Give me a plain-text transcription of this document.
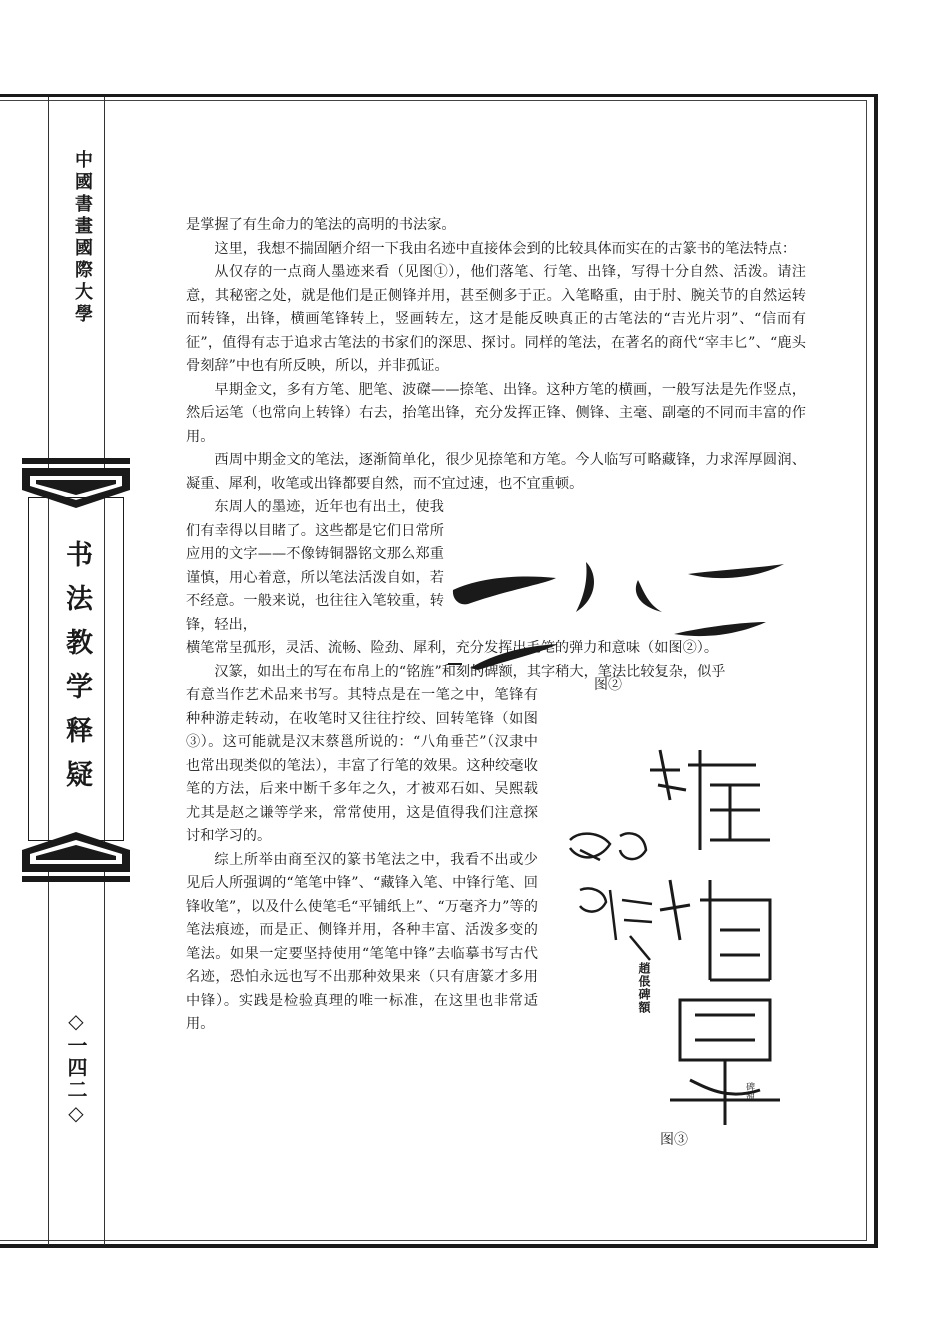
中國書畫國際大學
书法教学释疑
◇一四二◇

是掌握了有生命力的笔法的高明的书法家。

这里，我想不揣固陋介绍一下我由名迹中直接体会到的比较具体而实在的古篆书的笔法特点：

从仅存的一点商人墨迹来看（见图①），他们落笔、行笔、出锋，写得十分自然、活泼。请注意，其秘密之处，就是他们是正侧锋并用，甚至侧多于正。入笔略重，由于肘、腕关节的自然运转而转锋，出锋，横画笔锋转上，竖画转左，这才是能反映真正的古笔法的“吉光片羽”、“信而有征”，值得有志于追求古笔法的书家们的深思、探讨。同样的笔法，在著名的商代“宰丰匕”、“鹿头骨刻辞”中也有所反映，所以，并非孤证。

早期金文，多有方笔、肥笔、波磔——捺笔、出锋。这种方笔的横画，一般写法是先作竖点，然后运笔（也常向上转锋）右去，抬笔出锋，充分发挥正锋、侧锋、主毫、副毫的不同而丰富的作用。

西周中期金文的笔法，逐渐简单化，很少见捺笔和方笔。今人临写可略藏锋，力求浑厚圆润、凝重、犀利，收笔或出锋都要自然，而不宜过速，也不宜重顿。

东周人的墨迹，近年也有出土，使我们有幸得以目睹了。这些都是它们日常所应用的文字——不像铸铜器铭文那么郑重谨慎，用心着意，所以笔法活泼自如，若不经意。一般来说，也往往入笔较重，转锋，轻出，

横笔常呈孤形，灵活、流畅、险劲、犀利，充分发挥出毛笔的弹力和意味（如图②）。

汉篆，如出土的写在布帛上的“铭旌”和刻的碑额，其字稍大，笔法比较复杂，似乎

有意当作艺术品来书写。其特点是在一笔之中，笔锋有种种游走转动，在收笔时又往往拧绞、回转笔锋（如图③）。这可能就是汉末蔡邕所说的：“八角垂芒”（汉隶中也常出现类似的笔法），丰富了行笔的效果。这种绞毫收笔的方法，后来中断千多年之久，才被邓石如、吴熙载尤其是赵之谦等学来，常常使用，这是值得我们注意探讨和学习的。

综上所举由商至汉的篆书笔法之中，我看不出或少见后人所强调的“笔笔中锋”、“藏锋入笔、中锋行笔、回锋收笔”，以及什么使笔毛“平铺纸上”、“万毫齐力”等的笔法痕迹，而是正、侧锋并用，各种丰富、活泼多变的笔法。如果一定要坚持使用“笔笔中锋”去临摹书写古代名迹，恐怕永远也写不出那种效果来（只有唐篆才多用中锋）。实践是检验真理的唯一标准，在这里也非常适用。

图②
趙倀碑額
碑額
图③
